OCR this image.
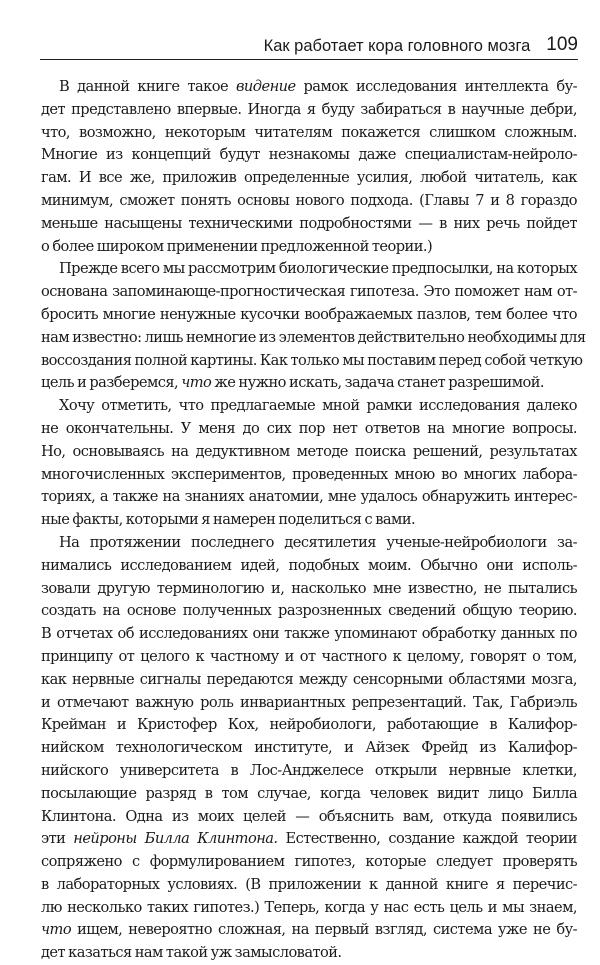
Как работает кора головного мозга 109

В данной книге такое видение рамок исследования интеллекта бу-
дет представлено впервые. Иногда я буду забираться в научные дебри,
что, возможно, некоторым читателям покажется слишком сложным.
Многие из концепций будут незнакомы даже специалистам-нейроло-
гам. И все же, приложив определенные усилия, любой читатель, как
минимум, сможет понять основы нового подхода. (Главы 7 и 8 гораздо
меньше насыщены техническими подробностями — в них речь пойдет
о более широком применении предложенной теории.)

Прежде всего мы рассмотрим биологические предпосылки, на которых
основана запоминающе-прогностическая гипотеза. Это поможет нам от-
бросить многие ненужные кусочки воображаемых пазлов, тем более что
нам известно: лишь немногие из элементов действительно необходимы для
воссоздания полной картины. Как только мы поставим перед собой четкую
цель и разберемся, что же нужно искать, задача станет разрешимой.

Хочу отметить, что предлагаемые мной рамки исследования далеко
не окончательны. У меня до сих пор нет ответов на многие вопросы.
Но, основываясь на дедуктивном методе поиска решений, результатах
многочисленных экспериментов, проведенных мною во многих лабора-
ториях, а также на знаниях анатомии, мне удалось обнаружить интерес-
ные факты, которыми я намерен поделиться с вами.

На протяжении последнего десятилетия ученые-нейробиологи за-
нимались исследованием идей, подобных моим. Обычно они исполь-
зовали другую терминологию и, насколько мне известно, не пытались
создать на основе полученных разрозненных сведений общую теорию.
В отчетах об исследованиях они также упоминают обработку данных по
принципу от целого к частному и от частного к целому, говорят о том,
как нервные сигналы передаются между сенсорными областями мозга,
и отмечают важную роль инвариантных репрезентаций. Так, Габриэль
Крейман и Кристофер Кох, нейробиологи, работающие в Калифор-
нийском технологическом институте, и Айзек Фрейд из Калифор-
нийского университета в Лос-Анджелесе открыли нервные клетки,
посылающие разряд в том случае, когда человек видит лицо Билла
Клинтона. Одна из моих целей — объяснить вам, откуда появились
эти нейроны Билла Клинтона. Естественно, создание каждой теории
сопряжено с формулированием гипотез, которые следует проверять
в лабораторных условиях. (В приложении к данной книге я перечис-
лю несколько таких гипотез.) Теперь, когда у нас есть цель и мы знаем,
что ищем, невероятно сложная, на первый взгляд, система уже не бу-
дет казаться нам такой уж замысловатой.
